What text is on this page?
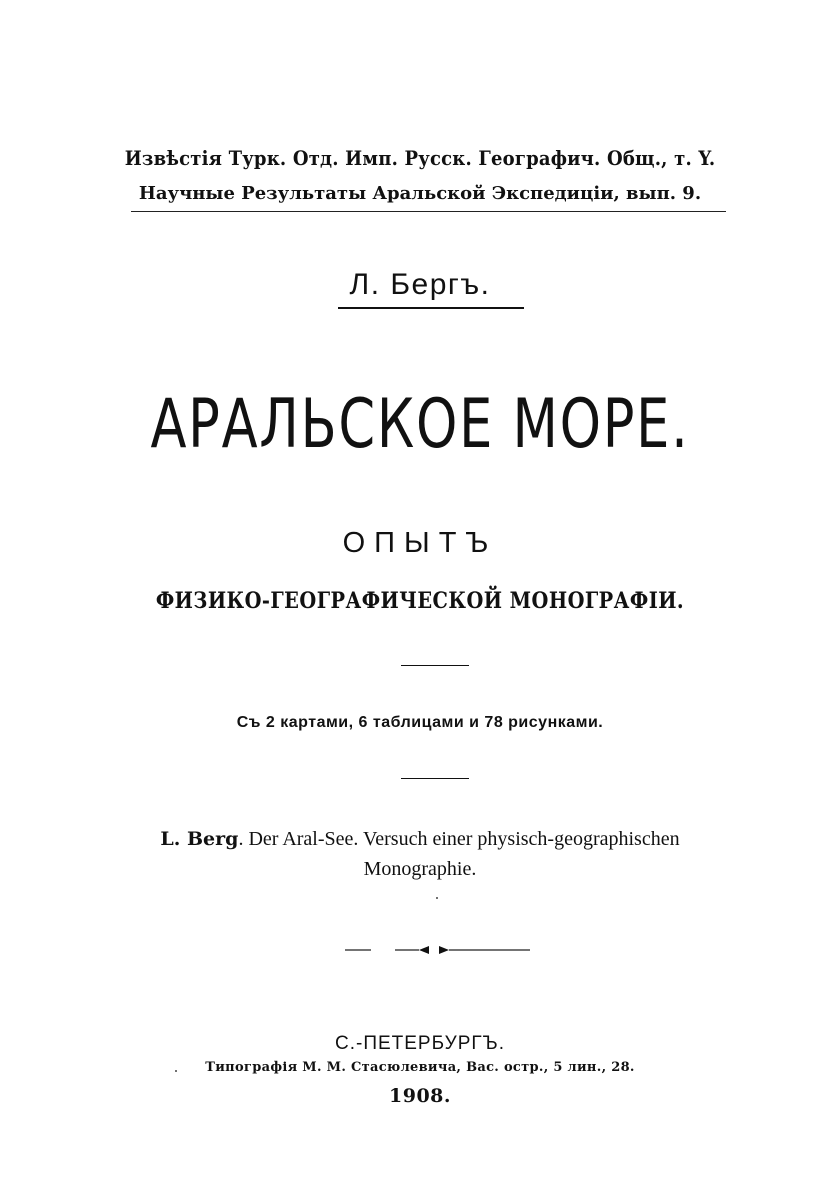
Извѣстія Турк. Отд. Имп. Русск. Географич. Общ., т. Y.
Научные Результаты Аральской Экспедиціи, вып. 9.
Л. Бергъ.
АРАЛЬСКОЕ МОРЕ.
ОПЫТЪ
ФИЗИКО-ГЕОГРАФИЧЕСКОЙ МОНОГРАФІИ.
Съ 2 картами, 6 таблицами и 78 рисунками.
L. Berg. Der Aral-See. Versuch einer physisch-geographischen
Monographie.
С.-ПЕТЕРБУРГЪ.
Типографія М. М. Стасюлевича, Вас. остр., 5 лин., 28.
1908.
